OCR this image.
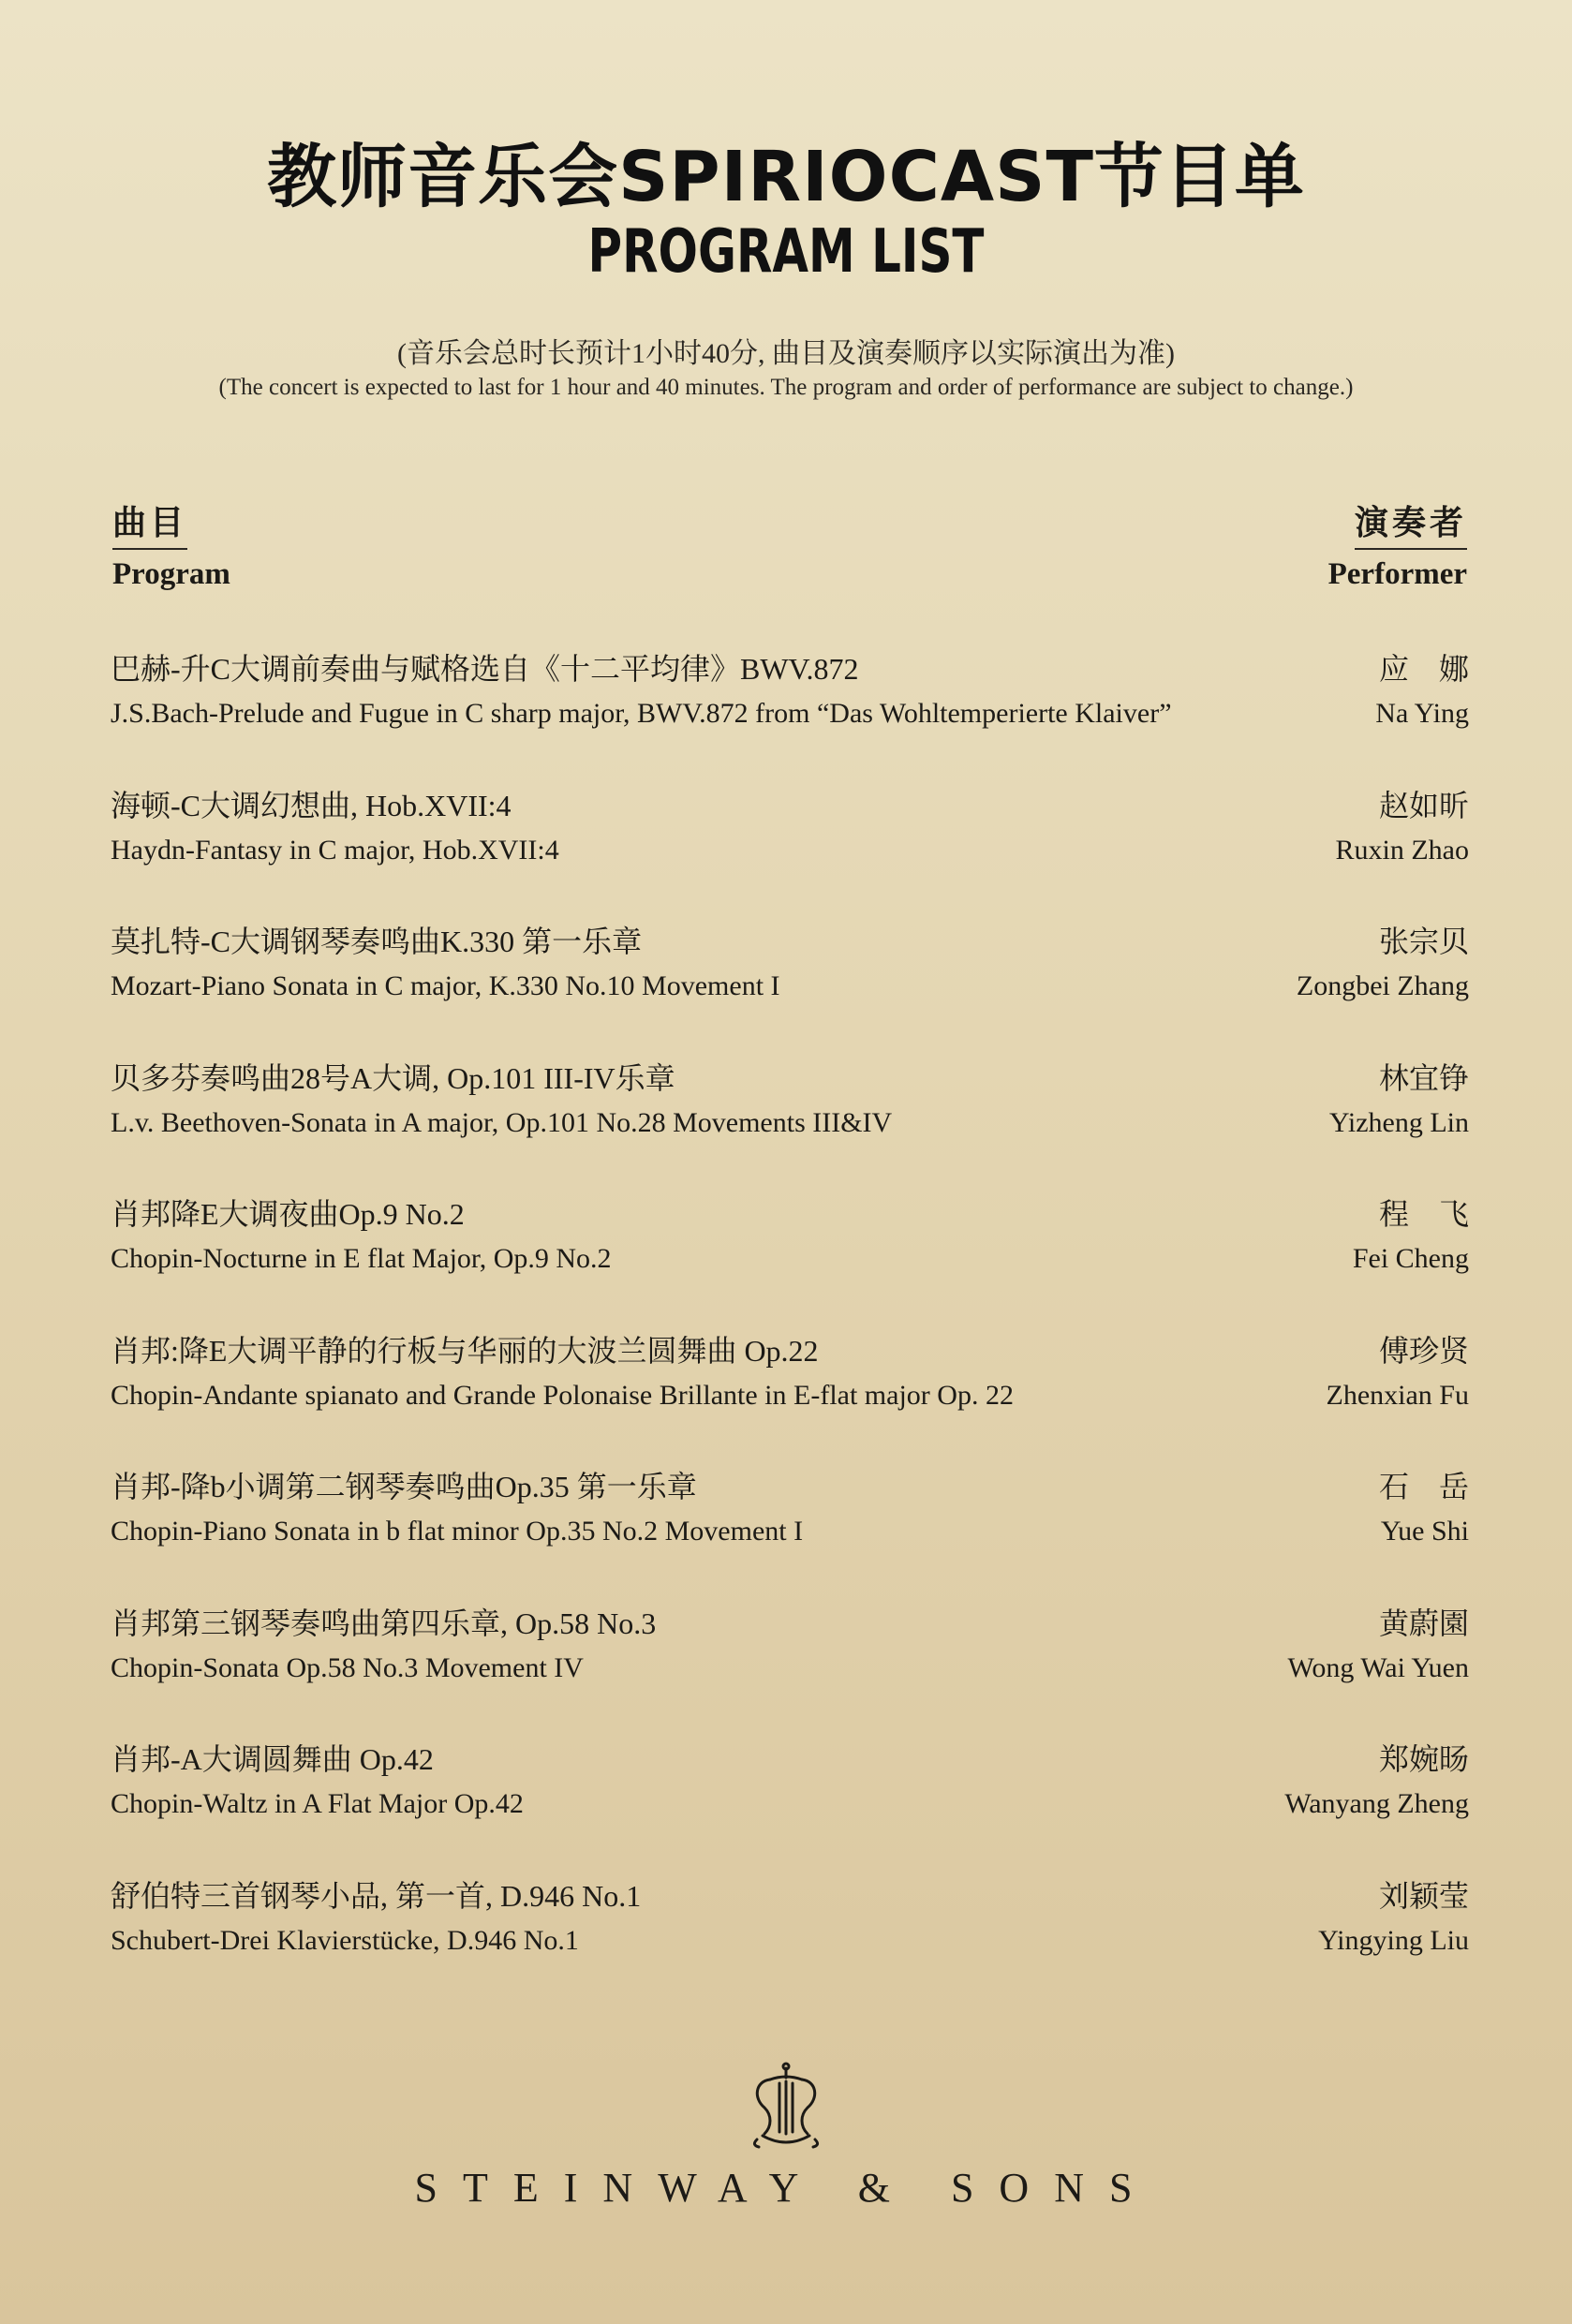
教师音乐会SPIRIOCAST节目单
PROGRAM LIST
(音乐会总时长预计1小时40分, 曲目及演奏顺序以实际演出为准)
(The concert is expected to last for 1 hour and 40 minutes. The program and order of performance are subject to change.)
曲目
Program
演奏者
Performer
巴赫-升C大调前奏曲与赋格选自《十二平均律》BWV.872
J.S.Bach-Prelude and Fugue in C sharp major, BWV.872 from “Das Wohltemperierte Klaiver”
应　娜
Na Ying
海顿-C大调幻想曲, Hob.XVII:4
Haydn-Fantasy in C major, Hob.XVII:4
赵如昕
Ruxin Zhao
莫扎特-C大调钢琴奏鸣曲K.330 第一乐章
Mozart-Piano Sonata in C major, K.330 No.10 Movement I
张宗贝
Zongbei Zhang
贝多芬奏鸣曲28号A大调, Op.101 III-IV乐章
L.v. Beethoven-Sonata in A major, Op.101 No.28 Movements III&IV
林宜铮
Yizheng Lin
肖邦降E大调夜曲Op.9 No.2
Chopin-Nocturne in E flat Major, Op.9 No.2
程　飞
Fei Cheng
肖邦:降E大调平静的行板与华丽的大波兰圆舞曲 Op.22
Chopin-Andante spianato and Grande Polonaise Brillante in E-flat major Op. 22
傅珍贤
Zhenxian Fu
肖邦-降b小调第二钢琴奏鸣曲Op.35 第一乐章
Chopin-Piano Sonata in b flat minor Op.35 No.2 Movement I
石　岳
Yue Shi
肖邦第三钢琴奏鸣曲第四乐章, Op.58 No.3
Chopin-Sonata Op.58 No.3 Movement IV
黄蔚園
Wong Wai Yuen
肖邦-A大调圆舞曲 Op.42
Chopin-Waltz in A Flat Major Op.42
郑婉旸
Wanyang Zheng
舒伯特三首钢琴小品, 第一首, D.946 No.1
Schubert-Drei Klavierstücke, D.946 No.1
刘颖莹
Yingying Liu
STEINWAY & SONS
